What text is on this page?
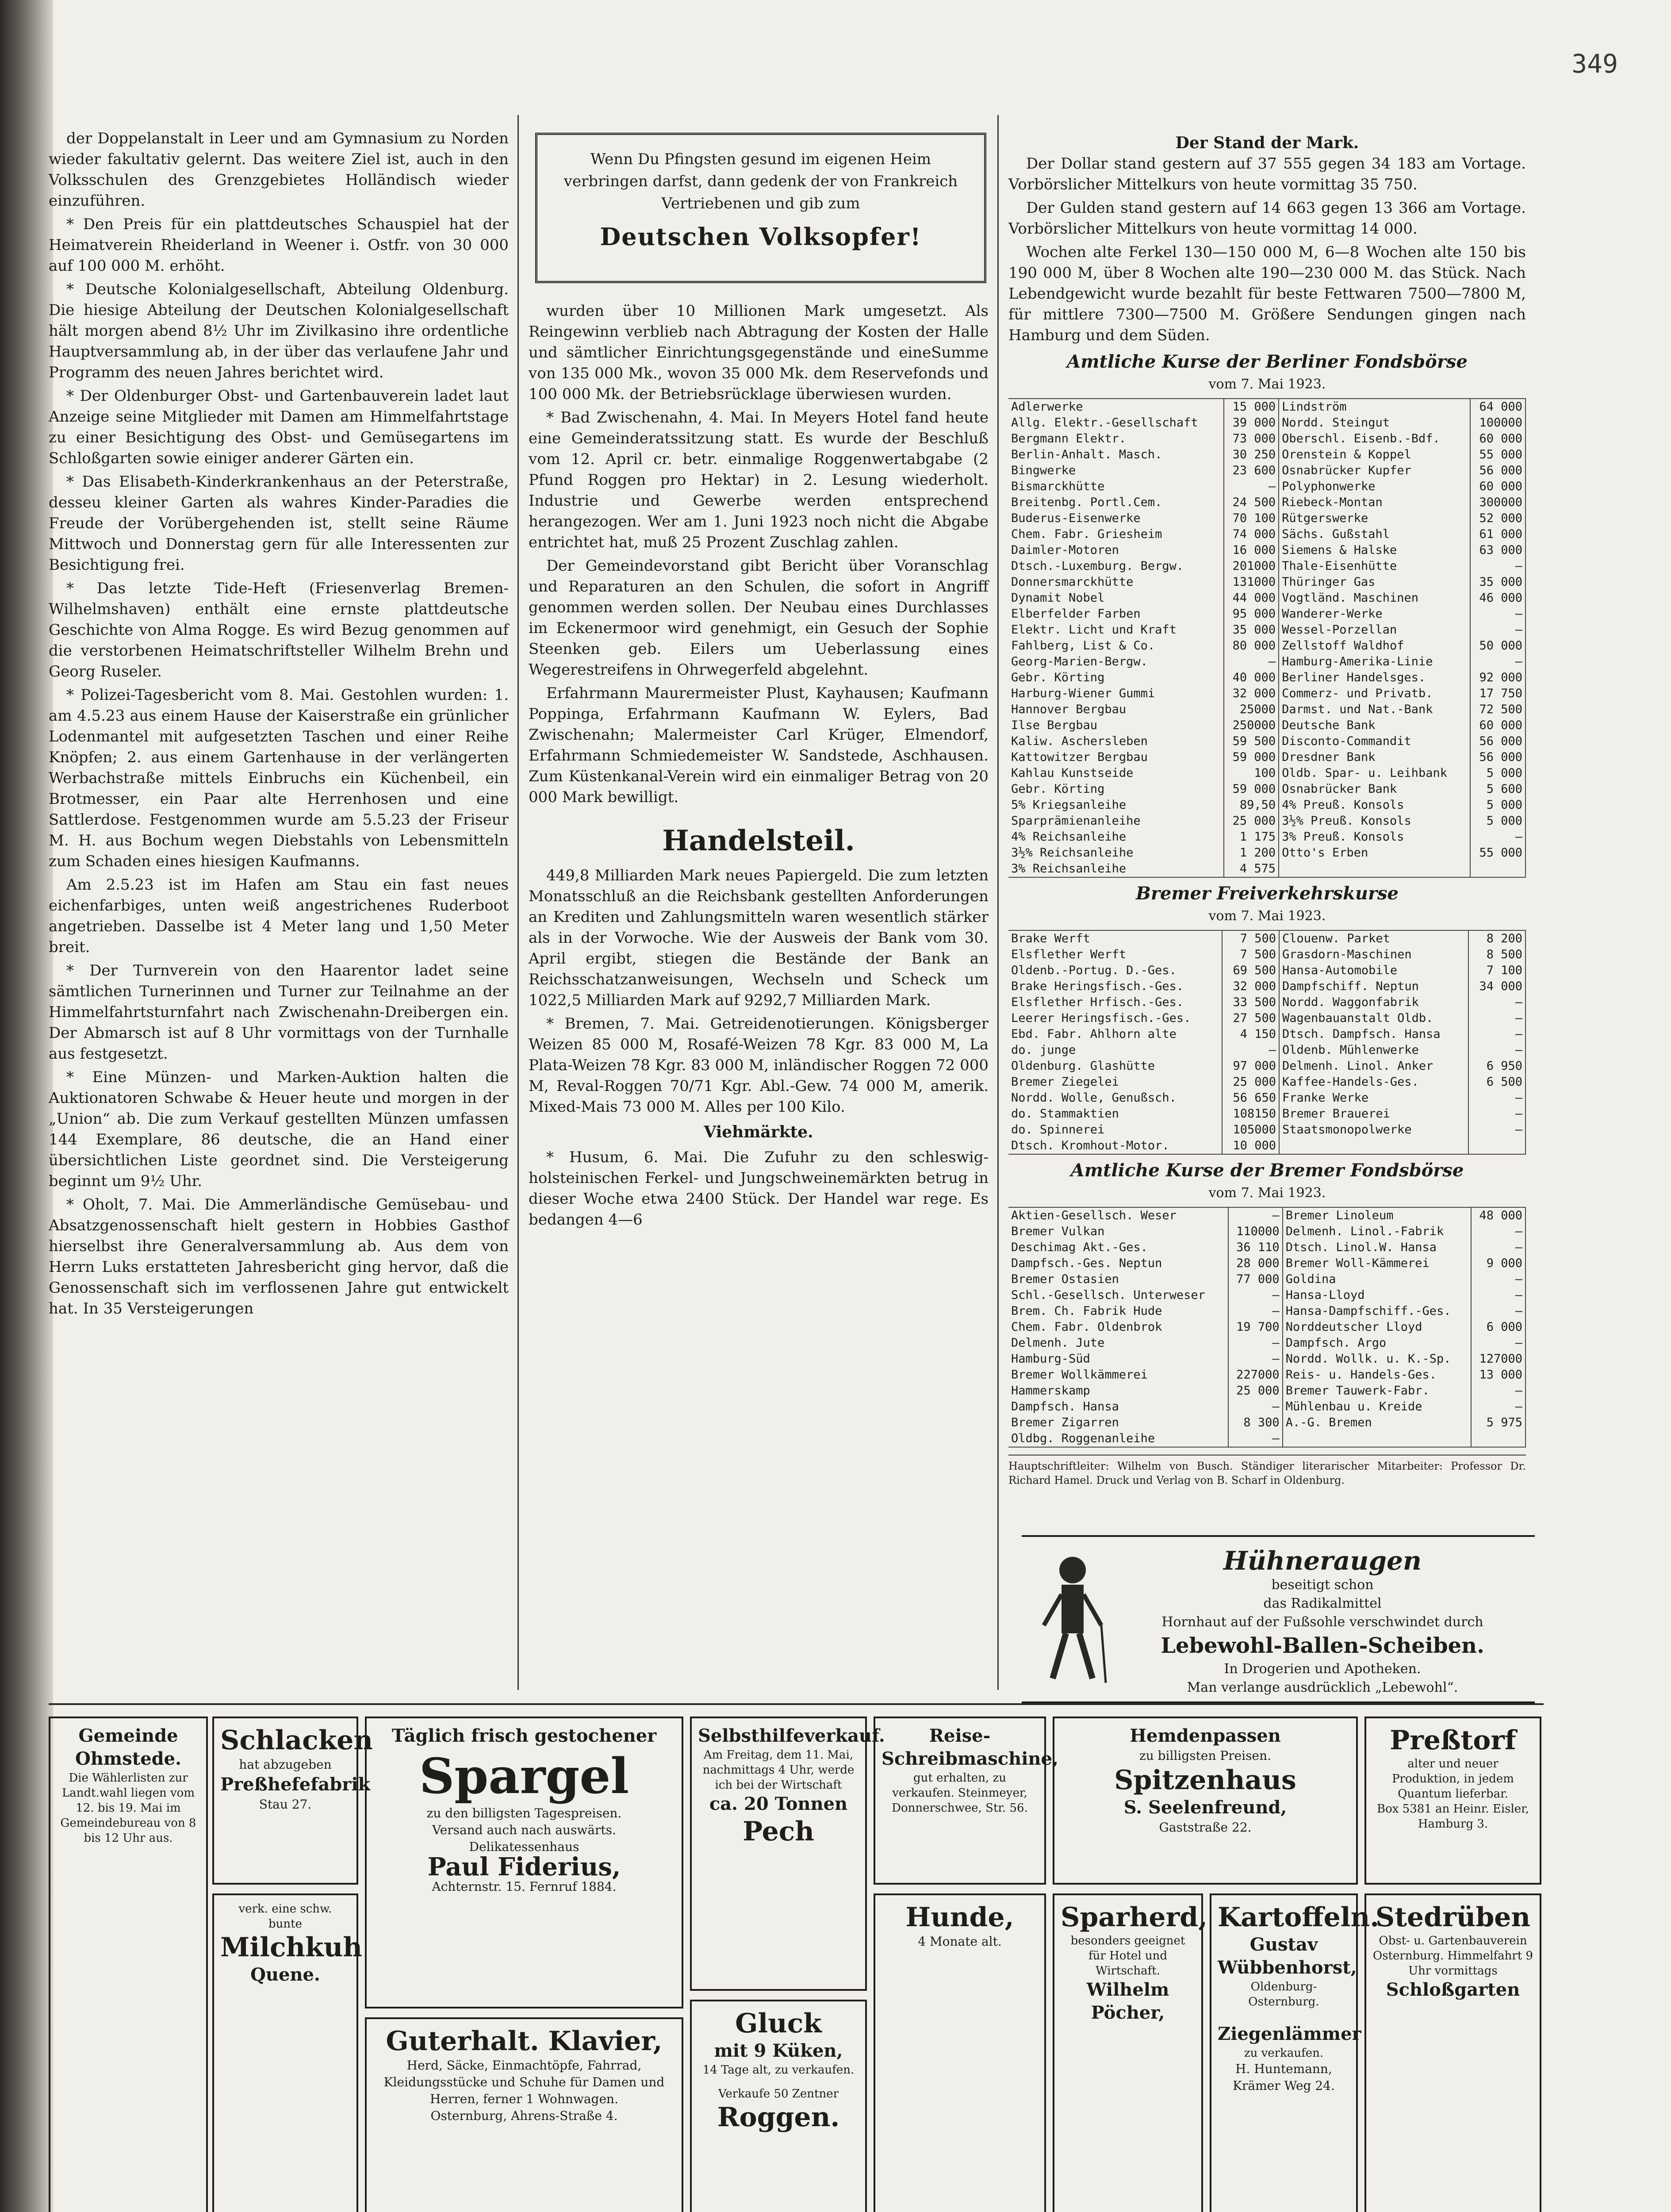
349

der Doppelanstalt in Leer und am Gymnasium zu Norden wieder fakultativ gelernt. Das weitere Ziel ist, auch in den Volksschulen des Grenzgebietes Holländisch wieder einzuführen.

* Den Preis für ein plattdeutsches Schauspiel hat der Heimatverein Rheiderland in Weener i. Ostfr. von 30 000 auf 100 000 M. erhöht.

* Deutsche Kolonialgesellschaft, Abteilung Oldenburg. Die hiesige Abteilung der Deutschen Kolonialgesellschaft hält morgen abend 8½ Uhr im Zivilkasino ihre ordentliche Hauptversammlung ab, in der über das verlaufene Jahr und Programm des neuen Jahres berichtet wird.

* Der Oldenburger Obst- und Gartenbauverein ladet laut Anzeige seine Mitglieder mit Damen am Himmelfahrtstage zu einer Besichtigung des Obst- und Gemüsegartens im Schloßgarten sowie einiger anderer Gärten ein.

* Das Elisabeth-Kinderkrankenhaus an der Peterstraße, desseu kleiner Garten als wahres Kinder-Paradies die Freude der Vorübergehenden ist, stellt seine Räume Mittwoch und Donnerstag gern für alle Interessenten zur Besichtigung frei.

* Das letzte Tide-Heft (Friesenverlag Bremen-Wilhelmshaven) enthält eine ernste plattdeutsche Geschichte von Alma Rogge. Es wird Bezug genommen auf die verstorbenen Heimatschriftsteller Wilhelm Brehn und Georg Ruseler.

* Polizei-Tagesbericht vom 8. Mai. Gestohlen wurden: 1. am 4.5.23 aus einem Hause der Kaiserstraße ein grünlicher Lodenmantel mit aufgesetzten Taschen und einer Reihe Knöpfen; 2. aus einem Gartenhause in der verlängerten Werbachstraße mittels Einbruchs ein Küchenbeil, ein Brotmesser, ein Paar alte Herrenhosen und eine Sattlerdose. Festgenommen wurde am 5.5.23 der Friseur M. H. aus Bochum wegen Diebstahls von Lebensmitteln zum Schaden eines hiesigen Kaufmanns.

Am 2.5.23 ist im Hafen am Stau ein fast neues eichenfarbiges, unten weiß angestrichenes Ruderboot angetrieben. Dasselbe ist 4 Meter lang und 1,50 Meter breit.

* Der Turnverein von den Haarentor ladet seine sämtlichen Turnerinnen und Turner zur Teilnahme an der Himmelfahrtsturnfahrt nach Zwischenahn-Dreibergen ein. Der Abmarsch ist auf 8 Uhr vormittags von der Turnhalle aus festgesetzt.

* Eine Münzen- und Marken-Auktion halten die Auktionatoren Schwabe & Heuer heute und morgen in der „Union“ ab. Die zum Verkauf gestellten Münzen umfassen 144 Exemplare, 86 deutsche, die an Hand einer übersichtlichen Liste geordnet sind. Die Versteigerung beginnt um 9½ Uhr.

* Oholt, 7. Mai. Die Ammerländische Gemüsebau- und Absatzgenossenschaft hielt gestern in Hobbies Gasthof hierselbst ihre Generalversammlung ab. Aus dem von Herrn Luks erstatteten Jahresbericht ging hervor, daß die Genossenschaft sich im verflossenen Jahre gut entwickelt hat. In 35 Versteigerungen

Wenn Du Pfingsten gesund im eigenen Heim
verbringen darfst, dann gedenk der von Frankreich
Vertriebenen und gib zum
Deutschen Volksopfer!

wurden über 10 Millionen Mark umgesetzt. Als Reingewinn verblieb nach Abtragung der Kosten der Halle und sämtlicher Einrichtungsgegenstände und eineSumme von 135 000 Mk., wovon 35 000 Mk. dem Reservefonds und 100 000 Mk. der Betriebsrücklage überwiesen wurden.

* Bad Zwischenahn, 4. Mai. In Meyers Hotel fand heute eine Gemeinderatssitzung statt. Es wurde der Beschluß vom 12. April cr. betr. einmalige Roggenwertabgabe (2 Pfund Roggen pro Hektar) in 2. Lesung wiederholt. Industrie und Gewerbe werden entsprechend herangezogen. Wer am 1. Juni 1923 noch nicht die Abgabe entrichtet hat, muß 25 Prozent Zuschlag zahlen.

Der Gemeindevorstand gibt Bericht über Voranschlag und Reparaturen an den Schulen, die sofort in Angriff genommen werden sollen. Der Neubau eines Durchlasses im Eckenermoor wird genehmigt, ein Gesuch der Sophie Steenken geb. Eilers um Ueberlassung eines Wegerestreifens in Ohrwegerfeld abgelehnt.

Erfahrmann Maurermeister Plust, Kayhausen; Kaufmann Poppinga, Erfahrmann Kaufmann W. Eylers, Bad Zwischenahn; Malermeister Carl Krüger, Elmendorf, Erfahrmann Schmiedemeister W. Sandstede, Aschhausen. Zum Küstenkanal-Verein wird ein einmaliger Betrag von 20 000 Mark bewilligt.

Handelsteil.

449,8 Milliarden Mark neues Papiergeld. Die zum letzten Monatsschluß an die Reichsbank gestellten Anforderungen an Krediten und Zahlungsmitteln waren wesentlich stärker als in der Vorwoche. Wie der Ausweis der Bank vom 30. April ergibt, stiegen die Bestände der Bank an Reichsschatzanweisungen, Wechseln und Scheck um 1022,5 Milliarden Mark auf 9292,7 Milliarden Mark.

* Bremen, 7. Mai. Getreidenotierungen. Königsberger Weizen 85 000 M, Rosafé-Weizen 78 Kgr. 83 000 M, La Plata-Weizen 78 Kgr. 83 000 M, inländischer Roggen 72 000 M, Reval-Roggen 70/71 Kgr. Abl.-Gew. 74 000 M, amerik. Mixed-Mais 73 000 M. Alles per 100 Kilo.

Viehmärkte.

* Husum, 6. Mai. Die Zufuhr zu den schleswig-holsteinischen Ferkel- und Jungschweinemärkten betrug in dieser Woche etwa 2400 Stück. Der Handel war rege. Es bedangen 4—6

Der Stand der Mark.

Der Dollar stand gestern auf 37 555 gegen 34 183 am Vortage. Vorbörslicher Mittelkurs von heute vormittag 35 750.

Der Gulden stand gestern auf 14 663 gegen 13 366 am Vortage. Vorbörslicher Mittelkurs von heute vormittag 14 000.

Wochen alte Ferkel 130—150 000 M, 6—8 Wochen alte 150 bis 190 000 M, über 8 Wochen alte 190—230 000 M. das Stück. Nach Lebendgewicht wurde bezahlt für beste Fettwaren 7500—7800 M, für mittlere 7300—7500 M. Größere Sendungen gingen nach Hamburg und dem Süden.

Amtliche Kurse der Berliner Fondsbörse
vom 7. Mai 1923.
Adlerwerke	15 000	Lindström	64 000
Allg. Elektr.-Gesellschaft	39 000	Nordd. Steingut	100000
Bergmann Elektr.	73 000	Oberschl. Eisenb.-Bdf.	60 000
Berlin-Anhalt. Masch.	30 250	Orenstein & Koppel	55 000
Bingwerke	23 600	Osnabrücker Kupfer	56 000
Bismarckhütte	—	Polyphonwerke	60 000
Breitenbg. Portl.Cem.	24 500	Riebeck-Montan	300000
Buderus-Eisenwerke	70 100	Rütgerswerke	52 000
Chem. Fabr. Griesheim	74 000	Sächs. Gußstahl	61 000
Daimler-Motoren	16 000	Siemens & Halske	63 000
Dtsch.-Luxemburg. Bergw.	201000	Thale-Eisenhütte	—
Donnersmarckhütte	131000	Thüringer Gas	35 000
Dynamit Nobel	44 000	Vogtländ. Maschinen	46 000
Elberfelder Farben	95 000	Wanderer-Werke	—
Elektr. Licht und Kraft	35 000	Wessel-Porzellan	—
Fahlberg, List & Co.	80 000	Zellstoff Waldhof	50 000
Georg-Marien-Bergw.	—	Hamburg-Amerika-Linie	—
Gebr. Körting	40 000	Berliner Handelsges.	92 000
Harburg-Wiener Gummi	32 000	Commerz- und Privatb.	17 750
Hannover Bergbau	25000	Darmst. und Nat.-Bank	72 500
Ilse Bergbau	250000	Deutsche Bank	60 000
Kaliw. Aschersleben	59 500	Disconto-Commandit	56 000
Kattowitzer Bergbau	59 000	Dresdner Bank	56 000
Kahlau Kunstseide	100	Oldb. Spar- u. Leihbank	5 000
Gebr. Körting	59 000	Osnabrücker Bank	5 600
5% Kriegsanleihe	89,50	4% Preuß. Konsols	5 000
Sparprämienanleihe	25 000	3½% Preuß. Konsols	5 000
4% Reichsanleihe	1 175	3% Preuß. Konsols	—
3½% Reichsanleihe	1 200	Otto's Erben	55 000
3% Reichsanleihe	4 575		
Bremer Freiverkehrskurse
vom 7. Mai 1923.
Brake Werft	7 500	Clouenw. Parket	8 200
Elsflether Werft	7 500	Grasdorn-Maschinen	8 500
Oldenb.-Portug. D.-Ges.	69 500	Hansa-Automobile	7 100
Brake Heringsfisch.-Ges.	32 000	Dampfschiff. Neptun	34 000
Elsflether Hrfisch.-Ges.	33 500	Nordd. Waggonfabrik	—
Leerer Heringsfisch.-Ges.	27 500	Wagenbauanstalt Oldb.	—
Ebd. Fabr. Ahlhorn alte	4 150	Dtsch. Dampfsch. Hansa	—
do. junge	—	Oldenb. Mühlenwerke	—
Oldenburg. Glashütte	97 000	Delmenh. Linol. Anker	6 950
Bremer Ziegelei	25 000	Kaffee-Handels-Ges.	6 500
Nordd. Wolle, Genußsch.	56 650	Franke Werke	—
do. Stammaktien	108150	Bremer Brauerei	—
do. Spinnerei	105000	Staatsmonopolwerke	—
Dtsch. Kromhout-Motor.	10 000		
Amtliche Kurse der Bremer Fondsbörse
vom 7. Mai 1923.
Aktien-Gesellsch. Weser	—	Bremer Linoleum	48 000
Bremer Vulkan	110000	Delmenh. Linol.-Fabrik	—
Deschimag Akt.-Ges.	36 110	Dtsch. Linol.W. Hansa	—
Dampfsch.-Ges. Neptun	28 000	Bremer Woll-Kämmerei	9 000
Bremer Ostasien	77 000	Goldina	—
Schl.-Gesellsch. Unterweser	—	Hansa-Lloyd	—
Brem. Ch. Fabrik Hude	—	Hansa-Dampfschiff.-Ges.	—
Chem. Fabr. Oldenbrok	19 700	Norddeutscher Lloyd	6 000
Delmenh. Jute	—	Dampfsch. Argo	—
Hamburg-Süd	—	Nordd. Wollk. u. K.-Sp.	127000
Bremer Wollkämmerei	227000	Reis- u. Handels-Ges.	13 000
Hammerskamp	25 000	Bremer Tauwerk-Fabr.	—
Dampfsch. Hansa	—	Mühlenbau u. Kreide	—
Bremer Zigarren	8 300	A.-G. Bremen	5 975
Oldbg. Roggenanleihe	—		
Hauptschriftleiter: Wilhelm von Busch. Ständiger literarischer Mitarbeiter: Professor Dr. Richard Hamel. Druck und Verlag von B. Scharf in Oldenburg.
Hühneraugen
beseitigt schon
das Radikalmittel
Hornhaut auf der Fußsohle verschwindet durch
Lebewohl-Ballen-Scheiben.
In Drogerien und Apotheken.
Man verlange ausdrücklich „Lebewohl“.
Gemeinde Ohmstede.
Die Wählerlisten zur Landt.wahl liegen vom 12. bis 19. Mai im Gemeindebureau von 8 bis 12 Uhr aus.
Schlacken
hat abzugeben
Preßhefefabrik
Stau 27.
Täglich frisch gestochener
Spargel
zu den billigsten Tagespreisen.
Versand auch nach auswärts.
Delikatessenhaus
Paul Fiderius,
Achternstr. 15. Fernruf 1884.
Selbsthilfeverkauf.
Am Freitag, dem 11. Mai, nachmittags 4 Uhr, werde ich bei der Wirtschaft
ca. 20 Tonnen
Pech
Reise-Schreibmaschine,
gut erhalten, zu verkaufen. Steinmeyer, Donnerschwee, Str. 56.
Hemdenpassen
zu billigsten Preisen.
Spitzenhaus
S. Seelenfreund,
Gaststraße 22.
Preßtorf
alter und neuer Produktion, in jedem Quantum lieferbar.
Box 5381 an Heinr. Eisler, Hamburg 3.
Guterhalt. Klavier,
Herd, Säcke, Einmachtöpfe, Fahrrad, Kleidungsstücke und Schuhe für Damen und Herren, ferner 1 Wohnwagen.
Osternburg, Ahrens-Straße 4.
verk. eine schw. bunte
Milchkuh
Quene.
Gluck
mit 9 Küken,
14 Tage alt, zu verkaufen.
Verkaufe 50 Zentner
Roggen.
Hunde,
4 Monate alt.
Sparherd,
besonders geeignet für Hotel und Wirtschaft.
Wilhelm Pöcher,
Kartoffeln.
Gustav Wübbenhorst,
Oldenburg-Osternburg.
Ziegenlämmer
zu verkaufen.
H. Huntemann,
Krämer Weg 24.
Stedrüben
Obst- u. Gartenbauverein Osternburg. Himmelfahrt 9 Uhr vormittags
Schloßgarten
